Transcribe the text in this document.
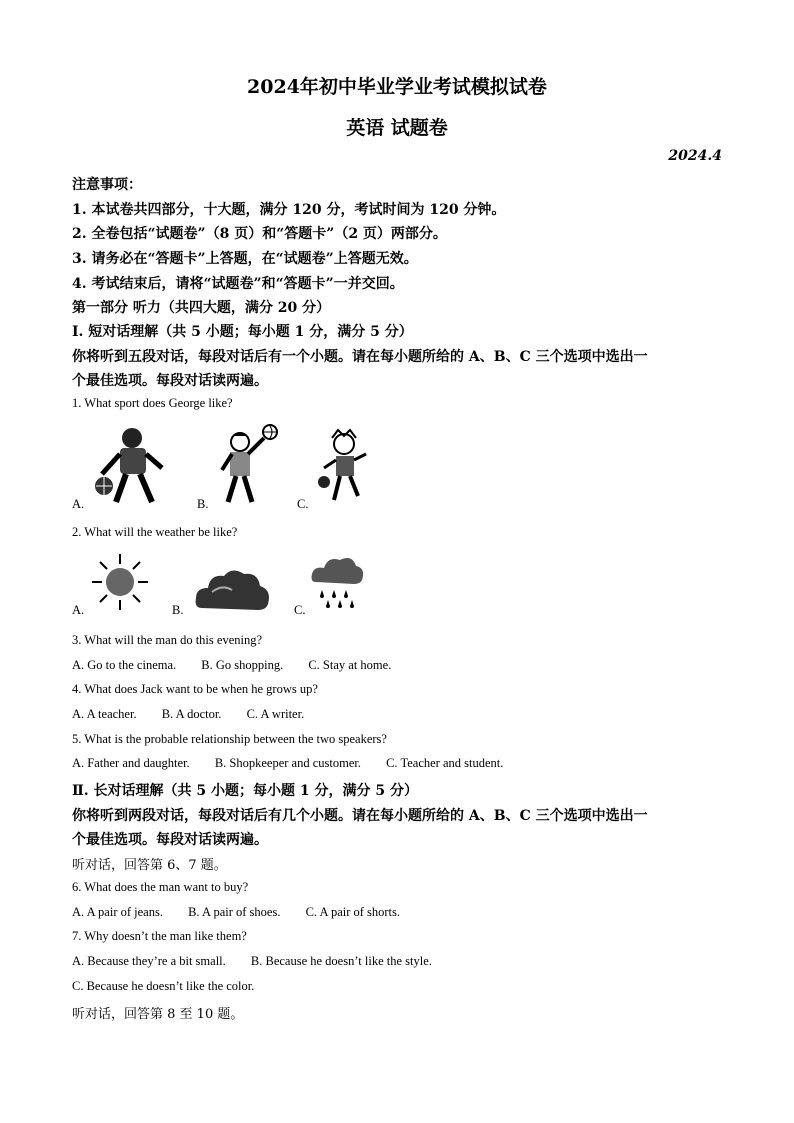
2024年初中毕业学业考试模拟试卷
英语 试题卷
2024.4
注意事项：
1. 本试卷共四部分，十大题，满分 120 分，考试时间为 120 分钟。
2. 全卷包括“试题卷”（8 页）和“答题卡”（2 页）两部分。
3. 请务必在“答题卡”上答题，在“试题卷”上答题无效。
4. 考试结束后，请将“试题卷”和“答题卡”一并交回。
第一部分 听力（共四大题，满分 20 分）
Ⅰ. 短对话理解（共 5 小题；每小题 1 分，满分 5 分）
你将听到五段对话，每段对话后有一个小题。请在每小题所给的 A、B、C 三个选项中选出一
个最佳选项。每段对话读两遍。
1. What sport does George like?
A.	B.	C.
2. What will the weather be like?
A.	B.	C.
3. What will the man do this evening?
A. Go to the cinema. B. Go shopping. C. Stay at home.
4. What does Jack want to be when he grows up?
A. A teacher. B. A doctor. C. A writer.
5. What is the probable relationship between the two speakers?
A. Father and daughter. B. Shopkeeper and customer. C. Teacher and student.
Ⅱ. 长对话理解（共 5 小题；每小题 1 分，满分 5 分）
你将听到两段对话，每段对话后有几个小题。请在每小题所给的 A、B、C 三个选项中选出一
个最佳选项。每段对话读两遍。
听对话，回答第 6、7 题。
6. What does the man want to buy?
A. A pair of jeans. B. A pair of shoes. C. A pair of shorts.
7. Why doesn’t the man like them?
A. Because they’re a bit small. B. Because he doesn’t like the style.
C. Because he doesn’t like the color.
听对话，回答第 8 至 10 题。
